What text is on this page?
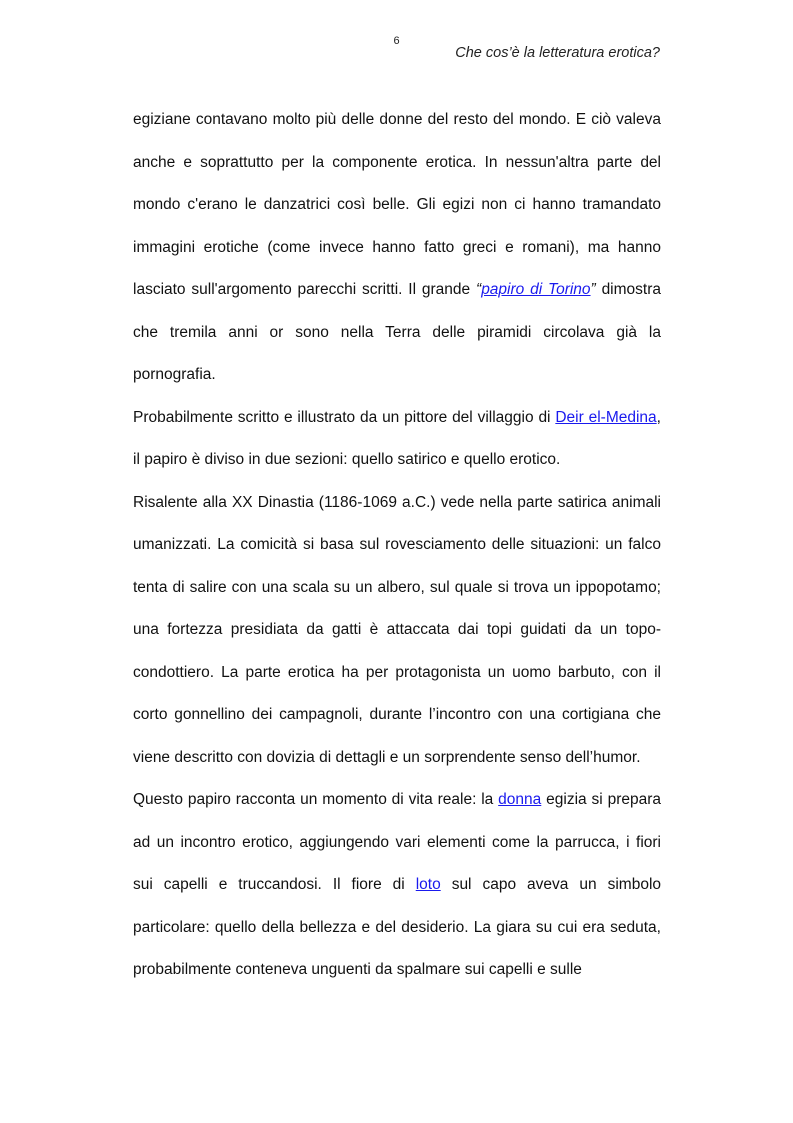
6
Che cos’è la letteratura erotica?

egiziane contavano molto più delle donne del resto del mondo. E ciò valeva anche e soprattutto per la componente erotica. In nessun'altra parte del mondo c'erano le danzatrici così belle. Gli egizi non ci hanno tramandato immagini erotiche (come invece hanno fatto greci e romani), ma hanno lasciato sull'argomento parecchi scritti. Il grande “papiro di Torino” dimostra che tremila anni or sono nella Terra delle piramidi circolava già la pornografia.

Probabilmente scritto e illustrato da un pittore del villaggio di Deir el-Medina, il papiro è diviso in due sezioni: quello satirico e quello erotico.

Risalente alla XX Dinastia (1186-1069 a.C.) vede nella parte satirica animali umanizzati. La comicità si basa sul rovesciamento delle situazioni: un falco tenta di salire con una scala su un albero, sul quale si trova un ippopotamo; una fortezza presidiata da gatti è attaccata dai topi guidati da un topo-condottiero. La parte erotica ha per protagonista un uomo barbuto, con il corto gonnellino dei campagnoli, durante l’incontro con una cortigiana che viene descritto con dovizia di dettagli e un sorprendente senso dell’humor.

Questo papiro racconta un momento di vita reale: la donna egizia si prepara ad un incontro erotico, aggiungendo vari elementi come la parrucca, i fiori sui capelli e truccandosi. Il fiore di loto sul capo aveva un simbolo particolare: quello della bellezza e del desiderio. La giara su cui era seduta, probabilmente conteneva unguenti da spalmare sui capelli e sulle
